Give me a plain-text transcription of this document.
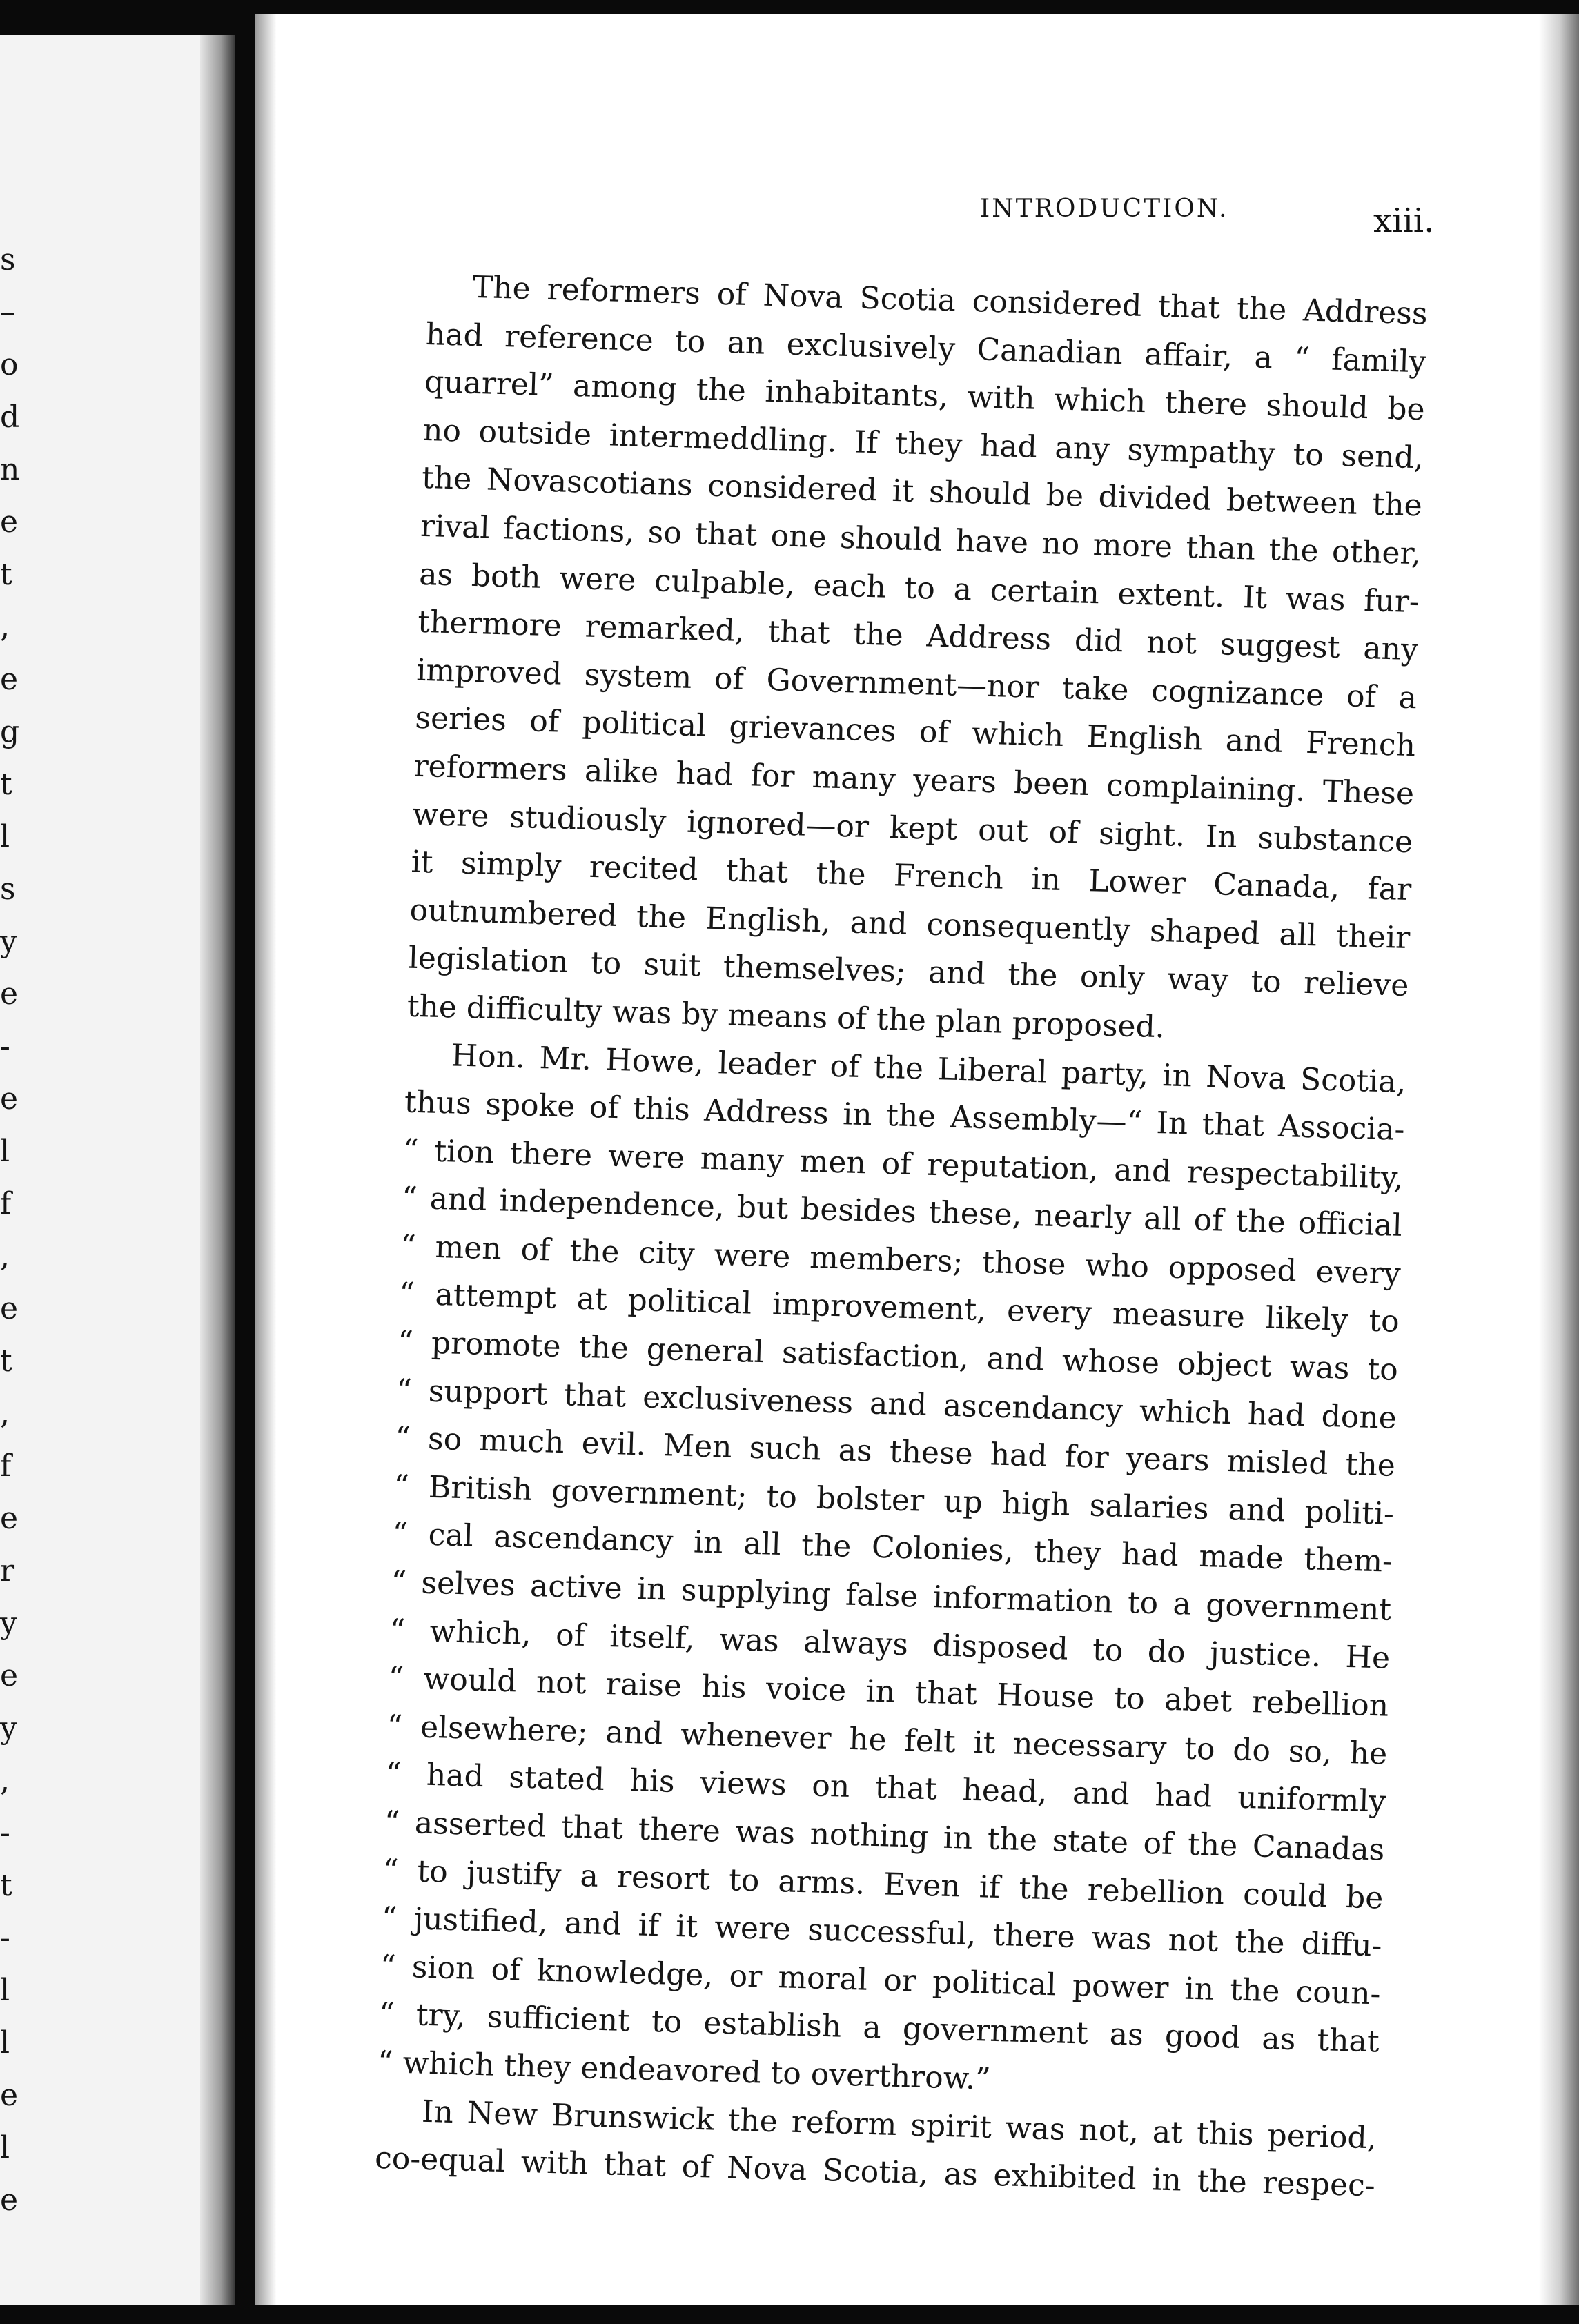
s
–
o
d
n
e
t
,
e
g
t
l
s
y
e
-
e
l
f
,
e
t
,
f
e
r
y
e
y
,
-
t
-
l
l
e
l
e
INTRODUCTION.	xiii.
The reformers of Nova Scotia considered that the Address
had reference to an exclusively Canadian affair, a “ family
quarrel” among the inhabitants, with which there should be
no outside intermeddling. If they had any sympathy to send,
the Novascotians considered it should be divided between the
rival factions, so that one should have no more than the other,
as both were culpable, each to a certain extent. It was fur-
thermore remarked, that the Address did not suggest any
improved system of Government—nor take cognizance of a
series of political grievances of which English and French
reformers alike had for many years been complaining. These
were studiously ignored—or kept out of sight. In substance
it simply recited that the French in Lower Canada, far
outnumbered the English, and consequently shaped all their
legislation to suit themselves; and the only way to relieve
the difficulty was by means of the plan proposed.
Hon. Mr. Howe, leader of the Liberal party, in Nova Scotia,
thus spoke of this Address in the Assembly—“ In that Associa-
“ tion there were many men of reputation, and respectability,
“ and independence, but besides these, nearly all of the official
“ men of the city were members; those who opposed every
“ attempt at political improvement, every measure likely to
“ promote the general satisfaction, and whose object was to
“ support that exclusiveness and ascendancy which had done
“ so much evil. Men such as these had for years misled the
“ British government; to bolster up high salaries and politi-
“ cal ascendancy in all the Colonies, they had made them-
“ selves active in supplying false information to a government
“ which, of itself, was always disposed to do justice. He
“ would not raise his voice in that House to abet rebellion
“ elsewhere; and whenever he felt it necessary to do so, he
“ had stated his views on that head, and had uniformly
“ asserted that there was nothing in the state of the Canadas
“ to justify a resort to arms. Even if the rebellion could be
“ justified, and if it were successful, there was not the diffu-
“ sion of knowledge, or moral or political power in the coun-
“ try, sufficient to establish a government as good as that
“ which they endeavored to overthrow.”
In New Brunswick the reform spirit was not, at this period,
co-equal with that of Nova Scotia, as exhibited in the respec-
